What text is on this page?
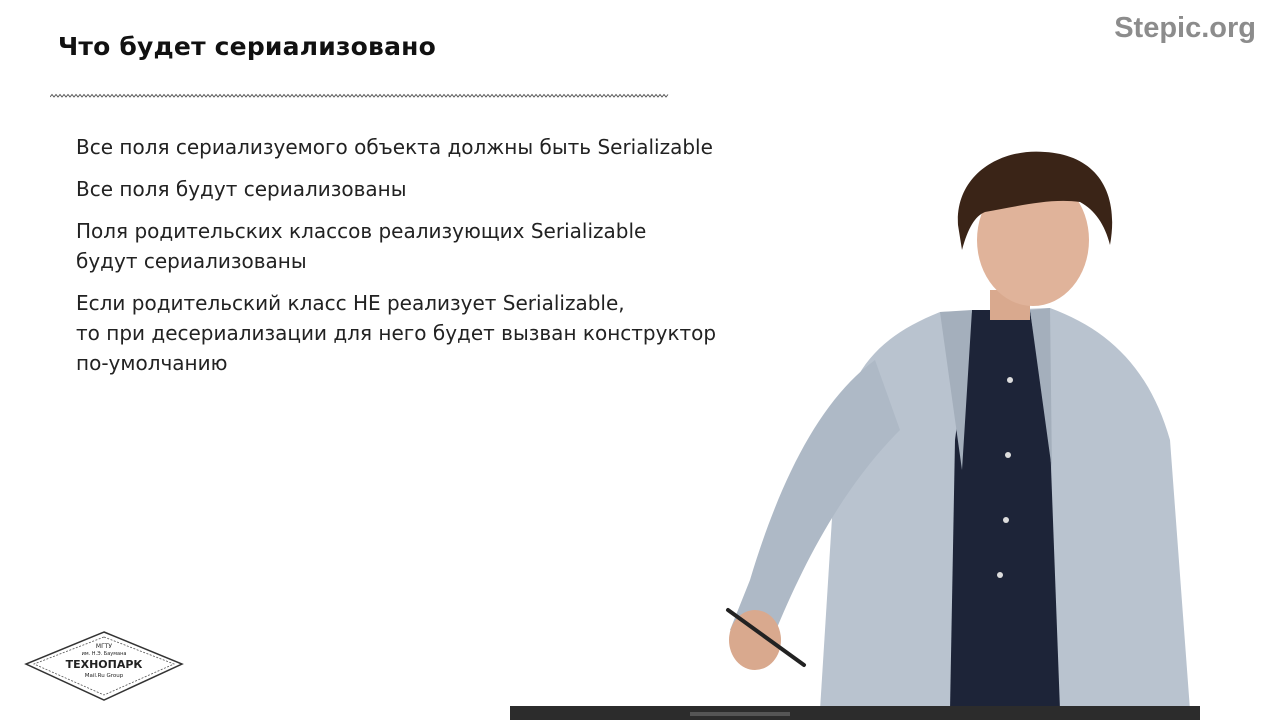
Что будет сериализовано
Stepic.org
Все поля сериализуемого объекта должны быть Serializable
Все поля будут сериализованы
Поля родительских классов реализующих Serializable
будут сериализованы
Если родительский класс НЕ реализует Serializable,
то при десериализации для него будет вызван конструктор
по-умолчанию
МГТУ
им. Н.Э. Баумана
ТЕХНОПАРК
Mail.Ru Group
